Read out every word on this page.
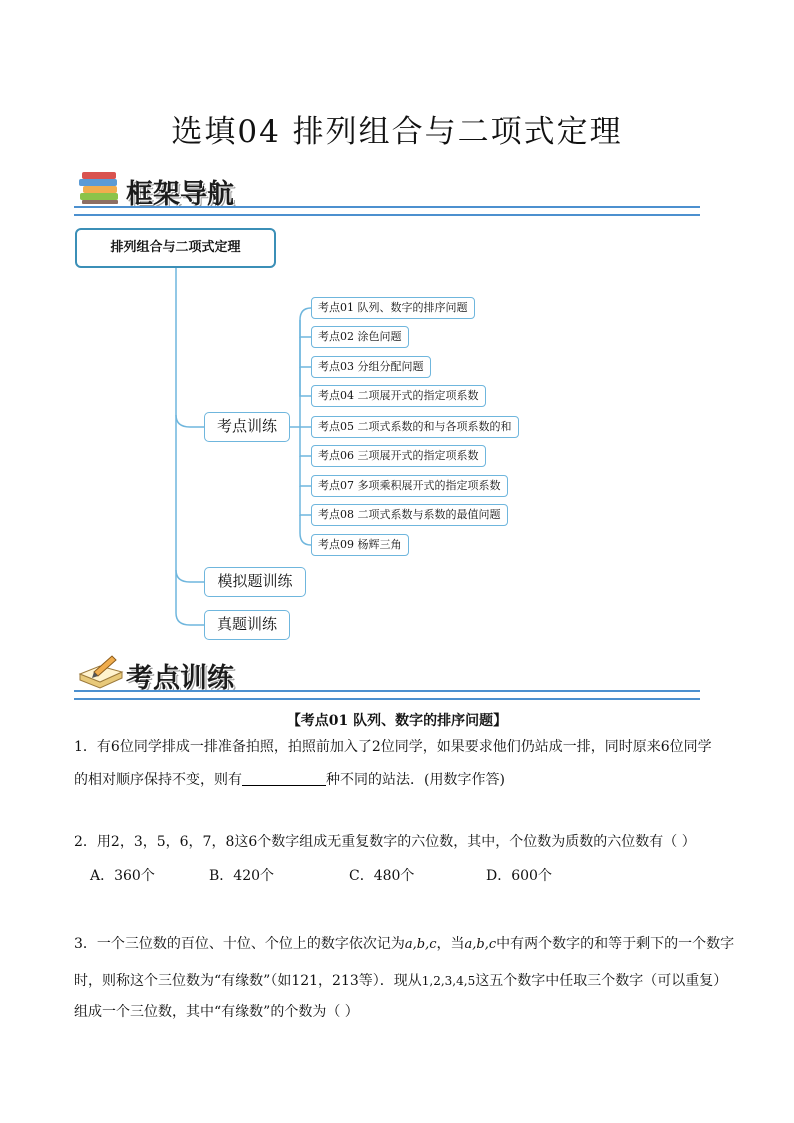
选填04 排列组合与二项式定理
框架导航
排列组合与二项式定理
考点训练
模拟题训练
真题训练
考点01 队列、数字的排序问题
考点02 涂色问题
考点03 分组分配问题
考点04 二项展开式的指定项系数
考点05 二项式系数的和与各项系数的和
考点06 三项展开式的指定项系数
考点07 多项乘积展开式的指定项系数
考点08 二项式系数与系数的最值问题
考点09 杨辉三角
考点训练
【考点01 队列、数字的排序问题】
1．有6位同学排成一排准备拍照，拍照前加入了2位同学，如果要求他们仍站成一排，同时原来6位同学
的相对顺序保持不变，则有	种不同的站法．(用数字作答)
2．用2，3，5，6，7，8这6个数字组成无重复数字的六位数，其中，个位数为质数的六位数有（ ）
A．360个	B．420个	C．480个	D．600个
3．一个三位数的百位、十位、个位上的数字依次记为a,b,c，当a,b,c中有两个数字的和等于剩下的一个数字
时，则称这个三位数为“有缘数”（如121，213等）．现从1,2,3,4,5这五个数字中任取三个数字（可以重复）
组成一个三位数，其中“有缘数”的个数为（ ）
